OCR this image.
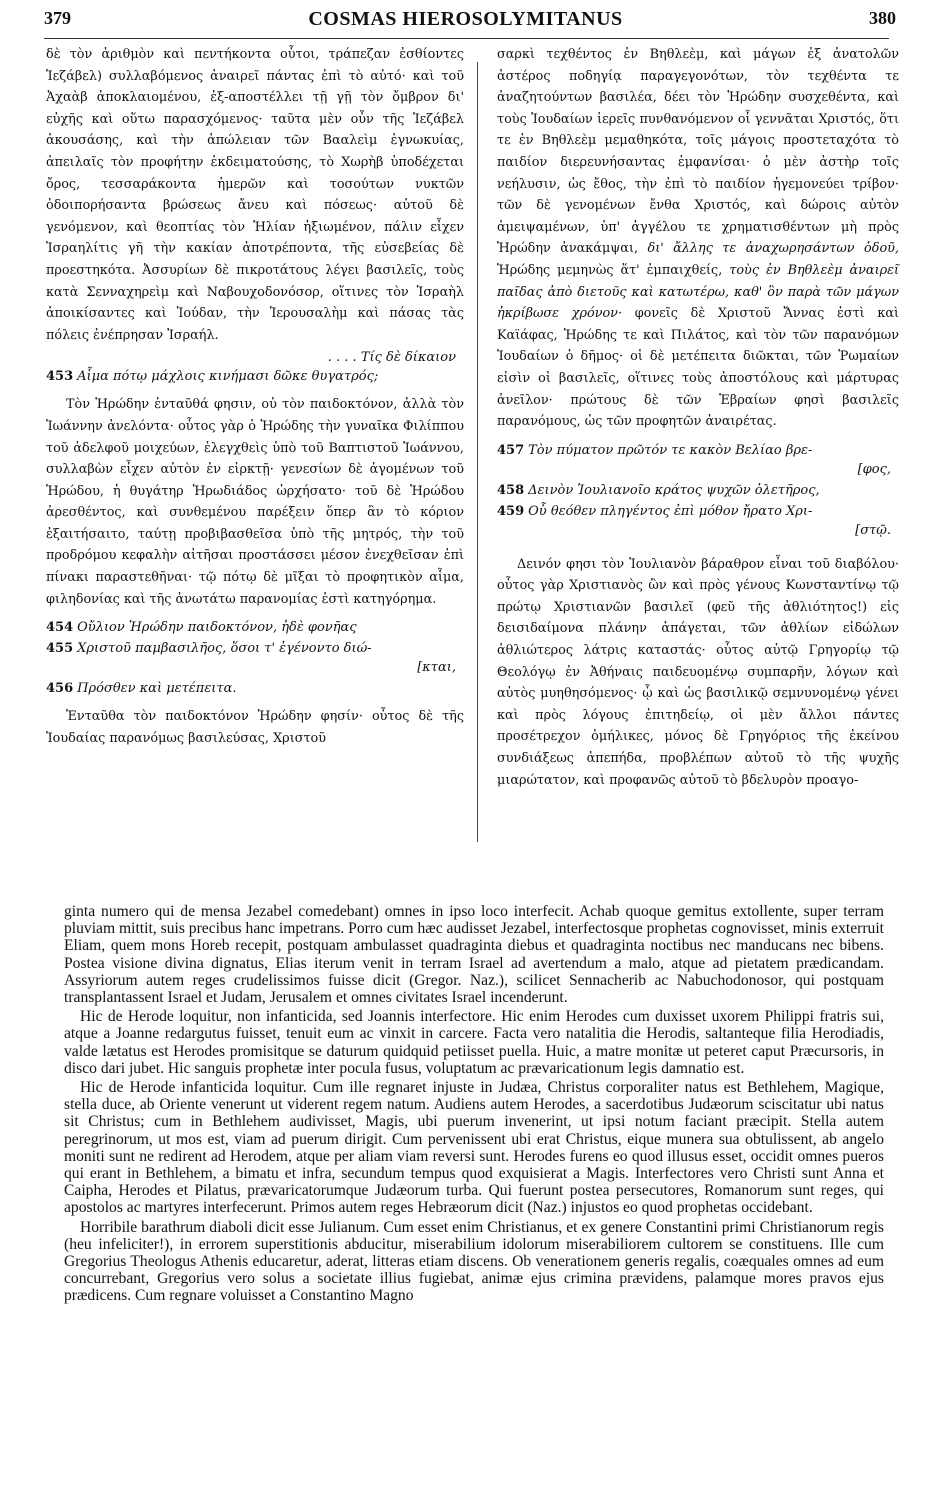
379	COSMAS HIEROSOLYMITANUS	380

δὲ τὸν ἀριθμὸν καὶ πεντήκοντα οὗτοι, τράπεζαν ἐσθίοντες Ἰεζάβελ) συλλαβόμενος ἀναιρεῖ πάντας ἐπὶ τὸ αὐτό· καὶ τοῦ Ἀχαὰβ ἀποκλαιομένου, ἐξ-αποστέλλει τῇ γῇ τὸν ὄμβρον δι' εὐχῆς καὶ οὕτω παρασχόμενος· ταῦτα μὲν οὖν τῆς Ἰεζάβελ ἀκουσάσης, καὶ τὴν ἀπώλειαν τῶν Βααλεὶμ ἐγνωκυίας, ἀπειλαῖς τὸν προφήτην ἐκδειματούσης, τὸ Χωρὴβ ὑποδέχεται ὄρος, τεσσαράκοντα ἡμερῶν καὶ τοσούτων νυκτῶν ὁδοιπορήσαντα βρώσεως ἄνευ καὶ πόσεως· αὐτοῦ δὲ γενόμενον, καὶ θεοπτίας τὸν Ἠλίαν ἠξιωμένον, πάλιν εἶχεν Ἰσραηλίτις γῆ τὴν κακίαν ἀποτρέποντα, τῆς εὐσεβείας δὲ προεστηκότα. Ἀσσυρίων δὲ πικροτάτους λέγει βασιλεῖς, τοὺς κατὰ Σενναχηρεὶμ καὶ Ναβουχοδονόσορ, οἵτινες τὸν Ἰσραὴλ ἀποικίσαντες καὶ Ἰούδαν, τὴν Ἱερουσαλὴμ καὶ πάσας τὰς πόλεις ἐνέπρησαν Ἰσραήλ.

. . . . Τίς δὲ δίκαιον
453 Αἷμα πότῳ μάχλοις κινήμασι δῶκε θυγατρός;

Τὸν Ἡρώδην ἐνταῦθά φησιν, οὐ τὸν παιδοκτόνον, ἀλλὰ τὸν Ἰωάννην ἀνελόντα· οὗτος γὰρ ὁ Ἡρώδης τὴν γυναῖκα Φιλίππου τοῦ ἀδελφοῦ μοιχεύων, ἐλεγχθεὶς ὑπὸ τοῦ Βαπτιστοῦ Ἰωάννου, συλλαβὼν εἶχεν αὐτὸν ἐν εἱρκτῇ· γενεσίων δὲ ἀγομένων τοῦ Ἡρώδου, ἡ θυγάτηρ Ἡρωδιάδος ὠρχήσατο· τοῦ δὲ Ἡρώδου ἀρεσθέντος, καὶ συνθεμένου παρέξειν ὅπερ ἂν τὸ κόριον ἐξαιτήσαιτο, ταύτῃ προβιβασθεῖσα ὑπὸ τῆς μητρός, τὴν τοῦ προδρόμου κεφαλὴν αἰτῆσαι προστάσσει μέσον ἐνεχθεῖσαν ἐπὶ πίνακι παραστεθῆναι· τῷ πότῳ δὲ μῖξαι τὸ προφητικὸν αἷμα, φιληδονίας καὶ τῆς ἀνωτάτω παρανομίας ἐστὶ κατηγόρημα.

454 Οὔλιον Ἡρώδην παιδοκτόνον, ἠδὲ φονῆας
455 Χριστοῦ παμβασιλῆος, ὅσοι τ' ἐγένοντο διώ-
[κται,
456 Πρόσθεν καὶ μετέπειτα.

Ἐνταῦθα τὸν παιδοκτόνον Ἡρώδην φησίν· οὗτος δὲ τῆς Ἰουδαίας παρανόμως βασιλεύσας, Χριστοῦ

σαρκὶ τεχθέντος ἐν Βηθλεὲμ, καὶ μάγων ἐξ ἀνατολῶν ἀστέρος ποδηγίᾳ παραγεγονότων, τὸν τεχθέντα τε ἀναζητούντων βασιλέα, δέει τὸν Ἡρώδην συσχεθέντα, καὶ τοὺς Ἰουδαίων ἱερεῖς πυνθανόμενον οἷ γεννᾶται Χριστός, ὅτι τε ἐν Βηθλεὲμ μεμαθηκότα, τοῖς μάγοις προστεταχότα τὸ παιδίον διερευνήσαντας ἐμφανίσαι· ὁ μὲν ἀστὴρ τοῖς νεήλυσιν, ὡς ἔθος, τὴν ἐπὶ τὸ παιδίον ἡγεμονεύει τρίβον· τῶν δὲ γενομένων ἔνθα Χριστός, καὶ δώροις αὐτὸν ἀμειψαμένων, ὑπ' ἀγγέλου τε χρηματισθέντων μὴ πρὸς Ἡρώδην ἀνακάμψαι, δι' ἄλλης τε ἀναχωρησάντων ὁδοῦ, Ἡρώδης μεμηνὼς ἅτ' ἐμπαιχθείς, τοὺς ἐν Βηθλεὲμ ἀναιρεῖ παῖδας ἀπὸ διετοῦς καὶ κατωτέρω, καθ' ὃν παρὰ τῶν μάγων ἠκρίβωσε χρόνον· φονεῖς δὲ Χριστοῦ Ἄννας ἐστὶ καὶ Καϊάφας, Ἡρώδης τε καὶ Πιλάτος, καὶ τὸν τῶν παρανόμων Ἰουδαίων ὁ δῆμος· οἱ δὲ μετέπειτα διῶκται, τῶν Ῥωμαίων εἰσὶν οἱ βασιλεῖς, οἵτινες τοὺς ἀποστόλους καὶ μάρτυρας ἀνεῖλον· πρώτους δὲ τῶν Ἑβραίων φησὶ βασιλεῖς παρανόμους, ὡς τῶν προφητῶν ἀναιρέτας.

457 Τὸν πύματον πρῶτόν τε κακὸν Βελίαο βρε-
[φος,
458 Δεινὸν Ἰουλιανοῖο κράτος ψυχῶν ὀλετῆρος,
459 Οὗ θεόθεν πληγέντος ἐπὶ μόθον ἤρατο Χρι-
[στῷ.

Δεινόν φησι τὸν Ἰουλιανὸν βάραθρον εἶναι τοῦ διαβόλου· οὗτος γὰρ Χριστιανὸς ὢν καὶ πρὸς γένους Κωνσταντίνῳ τῷ πρώτῳ Χριστιανῶν βασιλεῖ (φεῦ τῆς ἀθλιότητος!) εἰς δεισιδαίμονα πλάνην ἀπάγεται, τῶν ἀθλίων εἰδώλων ἀθλιώτερος λάτρις καταστάς· οὗτος αὐτῷ Γρηγορίῳ τῷ Θεολόγῳ ἐν Ἀθήναις παιδευομένῳ συμπαρῆν, λόγων καὶ αὐτὸς μυηθησόμενος· ᾧ καὶ ὡς βασιλικῷ σεμνυνομένῳ γένει καὶ πρὸς λόγους ἐπιτηδείῳ, οἱ μὲν ἄλλοι πάντες προσέτρεχον ὁμήλικες, μόνος δὲ Γρηγόριος τῆς ἐκείνου συνδιάξεως ἀπεπήδα, προβλέπων αὐτοῦ τὸ τῆς ψυχῆς μιαρώτατον, καὶ προφανῶς αὐτοῦ τὸ βδελυρὸν προαγο-

ginta numero qui de mensa Jezabel comedebant) omnes in ipso loco interfecit. Achab quoque gemitus extollente, super terram pluviam mittit, suis precibus hanc impetrans. Porro cum hæc audisset Jezabel, interfectosque prophetas cognovisset, minis exterruit Eliam, quem mons Horeb recepit, postquam ambulasset quadraginta diebus et quadraginta noctibus nec manducans nec bibens. Postea visione divina dignatus, Elias iterum venit in terram Israel ad avertendum a malo, atque ad pietatem prædicandam. Assyriorum autem reges crudelissimos fuisse dicit (Gregor. Naz.), scilicet Sennacherib ac Nabuchodonosor, qui postquam transplantassent Israel et Judam, Jerusalem et omnes civitates Israel incenderunt.

Hic de Herode loquitur, non infanticida, sed Joannis interfectore. Hic enim Herodes cum duxisset uxorem Philippi fratris sui, atque a Joanne redargutus fuisset, tenuit eum ac vinxit in carcere. Facta vero natalitia die Herodis, saltanteque filia Herodiadis, valde lætatus est Herodes promisitque se daturum quidquid petiisset puella. Huic, a matre monitæ ut peteret caput Præcursoris, in disco dari jubet. Hic sanguis prophetæ inter pocula fusus, voluptatum ac prævaricationum legis damnatio est.

Hic de Herode infanticida loquitur. Cum ille regnaret injuste in Judæa, Christus corporaliter natus est Bethlehem, Magique, stella duce, ab Oriente venerunt ut viderent regem natum. Audiens autem Herodes, a sacerdotibus Judæorum sciscitatur ubi natus sit Christus; cum in Bethlehem audivisset, Magis, ubi puerum invenerint, ut ipsi notum faciant præcipit. Stella autem peregrinorum, ut mos est, viam ad puerum dirigit. Cum pervenissent ubi erat Christus, eique munera sua obtulissent, ab angelo moniti sunt ne redirent ad Herodem, atque per aliam viam reversi sunt. Herodes furens eo quod illusus esset, occidit omnes pueros qui erant in Bethlehem, a bimatu et infra, secundum tempus quod exquisierat a Magis. Interfectores vero Christi sunt Anna et Caipha, Herodes et Pilatus, prævaricatorumque Judæorum turba. Qui fuerunt postea persecutores, Romanorum sunt reges, qui apostolos ac martyres interfecerunt. Primos autem reges Hebræorum dicit (Naz.) injustos eo quod prophetas occidebant.

Horribile barathrum diaboli dicit esse Julianum. Cum esset enim Christianus, et ex genere Constantini primi Christianorum regis (heu infeliciter!), in errorem superstitionis abducitur, miserabilium idolorum miserabiliorem cultorem se constituens. Ille cum Gregorius Theologus Athenis educaretur, aderat, litteras etiam discens. Ob venerationem generis regalis, coæquales omnes ad eum concurrebant, Gregorius vero solus a societate illius fugiebat, animæ ejus crimina prævidens, palamque mores pravos ejus prædicens. Cum regnare voluisset a Constantino Magno
